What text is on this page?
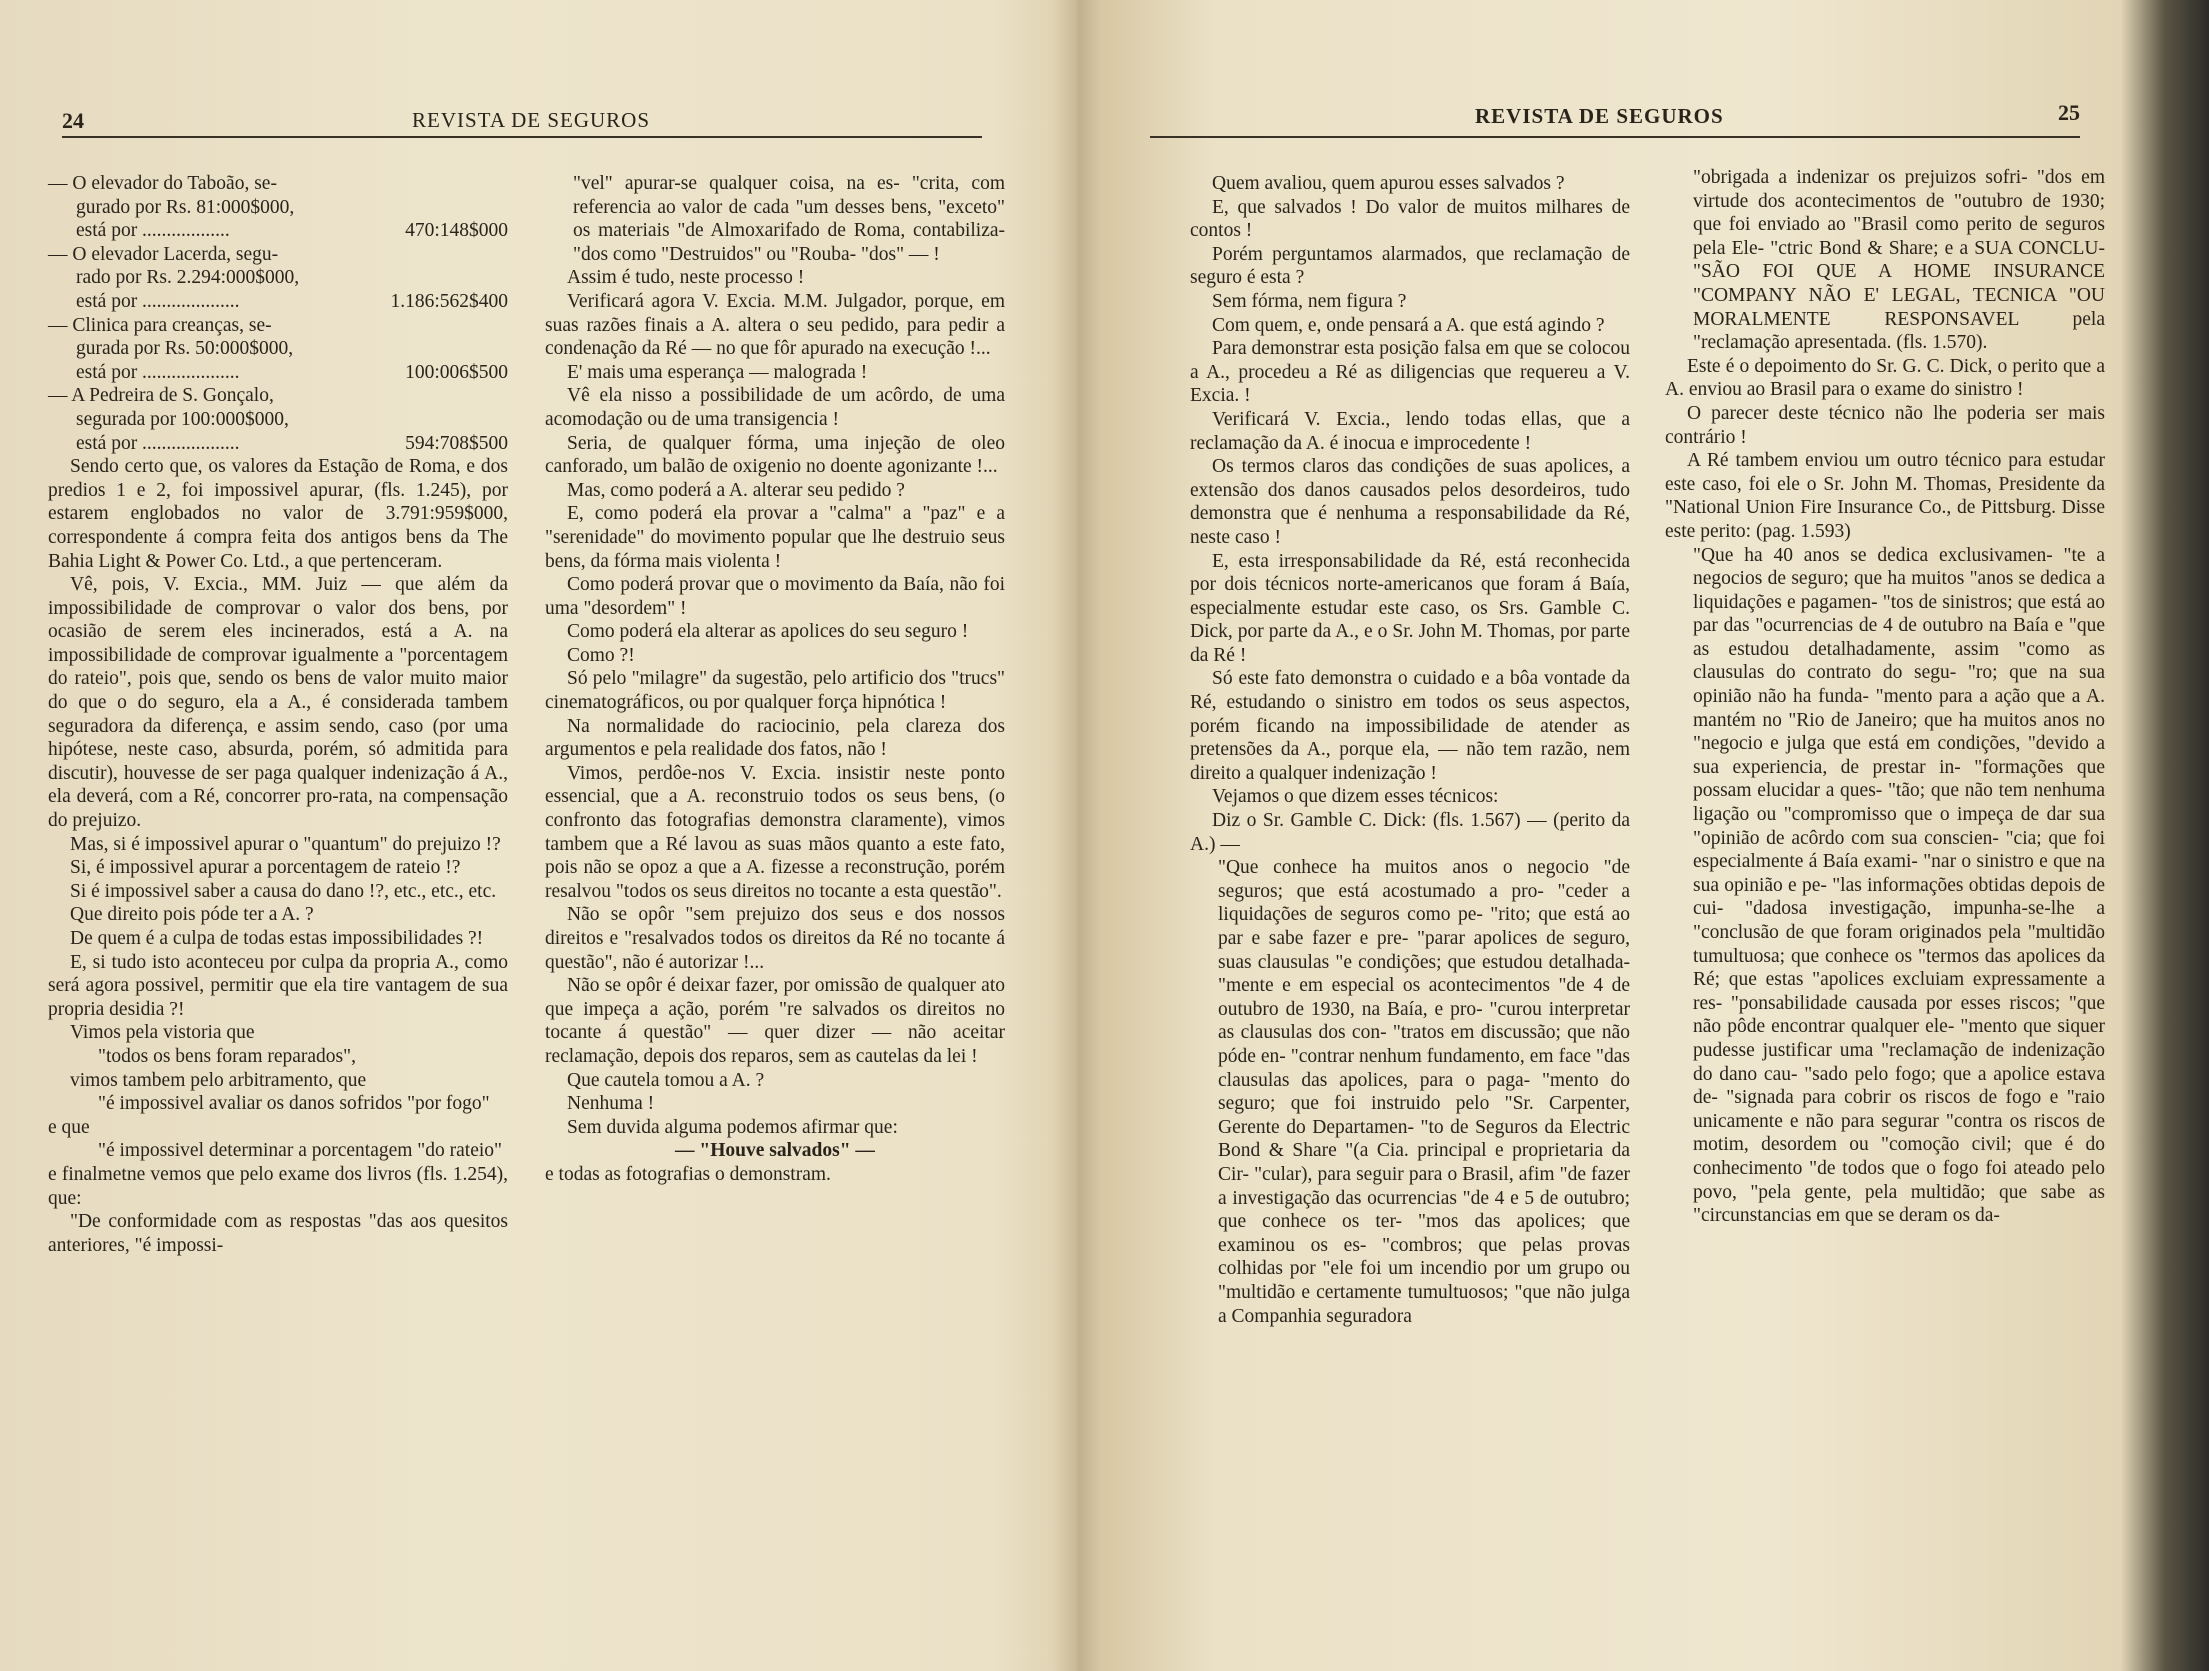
24	REVISTA DE SEGUROS

— O elevador do Taboão, se-

gurado por Rs. 81:000$000,

está por ..................	470:148$000

— O elevador Lacerda, segu-

rado por Rs. 2.294:000$000,

está por ....................	1.186:562$400

— Clinica para creanças, se-

gurada por Rs. 50:000$000,

está por ....................	100:006$500

— A Pedreira de S. Gonçalo,

segurada por 100:000$000,

está por ....................	594:708$500

Sendo certo que, os valores da Estação de Roma, e dos predios 1 e 2, foi impossivel apurar, (fls. 1.245), por estarem englobados no valor de 3.791:959$000, correspondente á compra feita dos antigos bens da The Bahia Light & Power Co. Ltd., a que pertenceram.

Vê, pois, V. Excia., MM. Juiz — que além da impossibilidade de comprovar o valor dos bens, por ocasião de serem eles incinerados, está a A. na impossibilidade de comprovar igualmente a "porcentagem do rateio", pois que, sendo os bens de valor muito maior do que o do seguro, ela a A., é considerada tambem seguradora da diferença, e assim sendo, caso (por uma hipótese, neste caso, absurda, porém, só admitida para discutir), houvesse de ser paga qualquer indenização á A., ela deverá, com a Ré, concorrer pro-rata, na compensação do prejuizo.

Mas, si é impossivel apurar o "quantum" do prejuizo !?

Si, é impossivel apurar a porcentagem de rateio !?

Si é impossivel saber a causa do dano !?, etc., etc., etc.

Que direito pois póde ter a A. ?

De quem é a culpa de todas estas impossibilidades ?!

E, si tudo isto aconteceu por culpa da propria A., como será agora possivel, permitir que ela tire vantagem de sua propria desidia ?!

Vimos pela vistoria que

"todos os bens foram reparados",

vimos tambem pelo arbitramento, que

"é impossivel avaliar os danos sofridos "por fogo"

e que

"é impossivel determinar a porcentagem "do rateio"

e finalmetne vemos que pelo exame dos livros (fls. 1.254), que:

"De conformidade com as respostas "das aos quesitos anteriores, "é impossi-

"vel" apurar-se qualquer coisa, na es- "crita, com referencia ao valor de cada "um desses bens, "exceto" os materiais "de Almoxarifado de Roma, contabiliza- "dos como "Destruidos" ou "Rouba- "dos" — !

Assim é tudo, neste processo !

Verificará agora V. Excia. M.M. Julgador, porque, em suas razões finais a A. altera o seu pedido, para pedir a condenação da Ré — no que fôr apurado na execução !...

E' mais uma esperança — malograda !

Vê ela nisso a possibilidade de um acôrdo, de uma acomodação ou de uma transigencia !

Seria, de qualquer fórma, uma injeção de oleo canforado, um balão de oxigenio no doente agonizante !...

Mas, como poderá a A. alterar seu pedido ?

E, como poderá ela provar a "calma" a "paz" e a "serenidade" do movimento popular que lhe destruio seus bens, da fórma mais violenta !

Como poderá provar que o movimento da Baía, não foi uma "desordem" !

Como poderá ela alterar as apolices do seu seguro !

Como ?!

Só pelo "milagre" da sugestão, pelo artificio dos "trucs" cinematográficos, ou por qualquer força hipnótica !

Na normalidade do raciocinio, pela clareza dos argumentos e pela realidade dos fatos, não !

Vimos, perdôe-nos V. Excia. insistir neste ponto essencial, que a A. reconstruio todos os seus bens, (o confronto das fotografias demonstra claramente), vimos tambem que a Ré lavou as suas mãos quanto a este fato, pois não se opoz a que a A. fizesse a reconstrução, porém resalvou "todos os seus direitos no tocante a esta questão".

Não se opôr "sem prejuizo dos seus e dos nossos direitos e "resalvados todos os direitos da Ré no tocante á questão", não é autorizar !...

Não se opôr é deixar fazer, por omissão de qualquer ato que impeça a ação, porém "re salvados os direitos no tocante á questão" — quer dizer — não aceitar reclamação, depois dos reparos, sem as cautelas da lei !

Que cautela tomou a A. ?

Nenhuma !

Sem duvida alguma podemos afirmar que:

— "Houve salvados" —

e todas as fotografias o demonstram.

REVISTA DE SEGUROS	25

Quem avaliou, quem apurou esses salvados ?

E, que salvados ! Do valor de muitos milhares de contos !

Porém perguntamos alarmados, que reclamação de seguro é esta ?

Sem fórma, nem figura ?

Com quem, e, onde pensará a A. que está agindo ?

Para demonstrar esta posição falsa em que se colocou a A., procedeu a Ré as diligencias que requereu a V. Excia. !

Verificará V. Excia., lendo todas ellas, que a reclamação da A. é inocua e improcedente !

Os termos claros das condições de suas apolices, a extensão dos danos causados pelos desordeiros, tudo demonstra que é nenhuma a responsabilidade da Ré, neste caso !

E, esta irresponsabilidade da Ré, está reconhecida por dois técnicos norte-americanos que foram á Baía, especialmente estudar este caso, os Srs. Gamble C. Dick, por parte da A., e o Sr. John M. Thomas, por parte da Ré !

Só este fato demonstra o cuidado e a bôa vontade da Ré, estudando o sinistro em todos os seus aspectos, porém ficando na impossibilidade de atender as pretensões da A., porque ela, — não tem razão, nem direito a qualquer indenização !

Vejamos o que dizem esses técnicos:

Diz o Sr. Gamble C. Dick: (fls. 1.567) — (perito da A.) —

"Que conhece ha muitos anos o negocio "de seguros; que está acostumado a pro- "ceder a liquidações de seguros como pe- "rito; que está ao par e sabe fazer e pre- "parar apolices de seguro, suas clausulas "e condições; que estudou detalhada- "mente e em especial os acontecimentos "de 4 de outubro de 1930, na Baía, e pro- "curou interpretar as clausulas dos con- "tratos em discussão; que não póde en- "contrar nenhum fundamento, em face "das clausulas das apolices, para o paga- "mento do seguro; que foi instruido pelo "Sr. Carpenter, Gerente do Departamen- "to de Seguros da Electric Bond & Share "(a Cia. principal e proprietaria da Cir- "cular), para seguir para o Brasil, afim "de fazer a investigação das ocurrencias "de 4 e 5 de outubro; que conhece os ter- "mos das apolices; que examinou os es- "combros; que pelas provas colhidas por "ele foi um incendio por um grupo ou "multidão e certamente tumultuosos; "que não julga a Companhia seguradora

"obrigada a indenizar os prejuizos sofri- "dos em virtude dos acontecimentos de "outubro de 1930; que foi enviado ao "Brasil como perito de seguros pela Ele- "ctric Bond & Share; e a SUA CONCLU- "SÃO FOI QUE A HOME INSURANCE "COMPANY NÃO E' LEGAL, TECNICA "OU MORALMENTE RESPONSAVEL pela "reclamação apresentada. (fls. 1.570).

Este é o depoimento do Sr. G. C. Dick, o perito que a A. enviou ao Brasil para o exame do sinistro !

O parecer deste técnico não lhe poderia ser mais contrário !

A Ré tambem enviou um outro técnico para estudar este caso, foi ele o Sr. John M. Thomas, Presidente da "National Union Fire Insurance Co., de Pittsburg. Disse este perito: (pag. 1.593)

"Que ha 40 anos se dedica exclusivamen- "te a negocios de seguro; que ha muitos "anos se dedica a liquidações e pagamen- "tos de sinistros; que está ao par das "ocurrencias de 4 de outubro na Baía e "que as estudou detalhadamente, assim "como as clausulas do contrato do segu- "ro; que na sua opinião não ha funda- "mento para a ação que a A. mantém no "Rio de Janeiro; que ha muitos anos no "negocio e julga que está em condições, "devido a sua experiencia, de prestar in- "formações que possam elucidar a ques- "tão; que não tem nenhuma ligação ou "compromisso que o impeça de dar sua "opinião de acôrdo com sua conscien- "cia; que foi especialmente á Baía exami- "nar o sinistro e que na sua opinião e pe- "las informações obtidas depois de cui- "dadosa investigação, impunha-se-lhe a "conclusão de que foram originados pela "multidão tumultuosa; que conhece os "termos das apolices da Ré; que estas "apolices excluiam expressamente a res- "ponsabilidade causada por esses riscos; "que não pôde encontrar qualquer ele- "mento que siquer pudesse justificar uma "reclamação de indenização do dano cau- "sado pelo fogo; que a apolice estava de- "signada para cobrir os riscos de fogo e "raio unicamente e não para segurar "contra os riscos de motim, desordem ou "comoção civil; que é do conhecimento "de todos que o fogo foi ateado pelo povo, "pela gente, pela multidão; que sabe as "circunstancias em que se deram os da-
